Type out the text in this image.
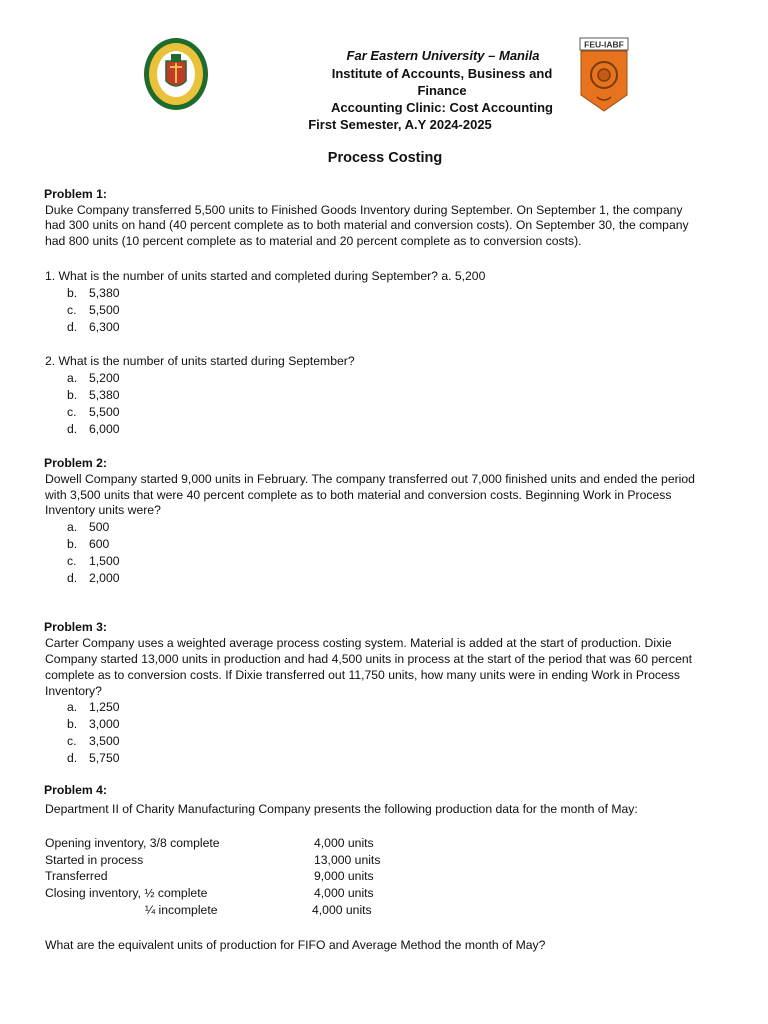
FEU-IABF
Far Eastern University – Manila
Institute of Accounts, Business and
Finance
Accounting Clinic: Cost Accounting
First Semester, A.Y 2024-2025
Process Costing
Problem 1:
Duke Company transferred 5,500 units to Finished Goods Inventory during September. On September 1, the company
had 300 units on hand (40 percent complete as to both material and conversion costs). On September 30, the company
had 800 units (10 percent complete as to material and 20 percent complete as to conversion costs).
1. What is the number of units started and completed during September? a. 5,200
b. 5,380
c. 5,500
d. 6,300
2. What is the number of units started during September?
a. 5,200
b. 5,380
c. 5,500
d. 6,000
Problem 2:
Dowell Company started 9,000 units in February. The company transferred out 7,000 finished units and ended the period
with 3,500 units that were 40 percent complete as to both material and conversion costs. Beginning Work in Process
Inventory units were?
a. 500
b. 600
c. 1,500
d. 2,000
Problem 3:
Carter Company uses a weighted average process costing system. Material is added at the start of production. Dixie
Company started 13,000 units in production and had 4,500 units in process at the start of the period that was 60 percent
complete as to conversion costs. If Dixie transferred out 11,750 units, how many units were in ending Work in Process
Inventory?
a. 1,250
b. 3,000
c. 3,500
d. 5,750
Problem 4:
Department II of Charity Manufacturing Company presents the following production data for the month of May:
Opening inventory, 3/8 complete	4,000 units
Started in process	13,000 units
Transferred	9,000 units
Closing inventory, ½ complete	4,000 units
¼ incomplete	4,000 units
What are the equivalent units of production for FIFO and Average Method the month of May?
